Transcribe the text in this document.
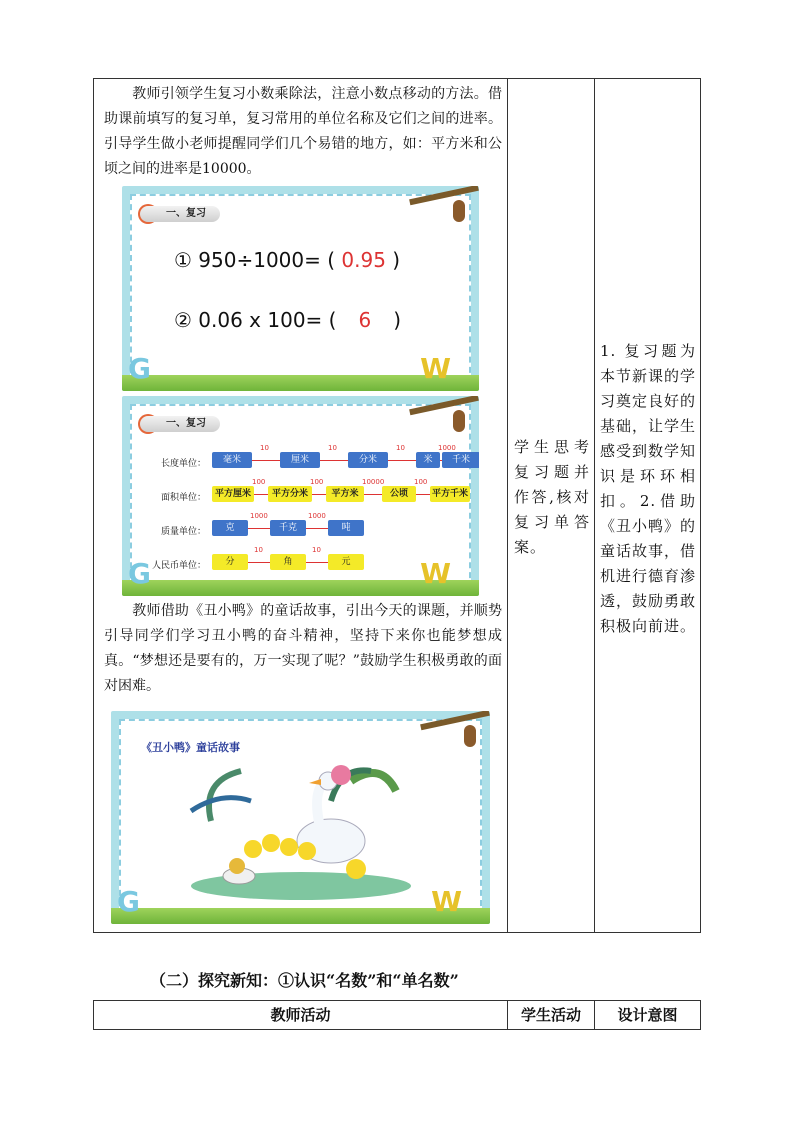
教师引领学生复习小数乘除法，注意小数点移动的方法。借助课前填写的复习单，复习常用的单位名称及它们之间的进率。引导学生做小老师提醒同学们几个易错的地方，如：平方米和公顷之间的进率是10000。

一、复习
G	W
① 950÷1000= ( 0.95 )
② 0.06 x 100= ( 6 )
一、复习
G	W
长度单位：	毫米
10
厘米
10
分米
10
米
1000
千米
面积单位： 平方厘米
100
平方分米
100
平方米
10000
公顷
100
平方千米
质量单位：	克
1000
千克
1000
吨
人民币单位：	分
10
角
10
元

教师借助《丑小鸭》的童话故事，引出今天的课题，并顺势引导同学们学习丑小鸭的奋斗精神，坚持下来你也能梦想成真。“梦想还是要有的，万一实现了呢？”鼓励学生积极勇敢的面对困难。

G	W
《丑小鸭》童话故事

学生思考复习题并作答,核对复习单答案。

1. 复习题为本节新课的学习奠定良好的基础，让学生感受到数学知识是环环相扣。2.借助《丑小鸭》的童话故事，借机进行德育渗透，鼓励勇敢积极向前进。

（二）探究新知：①认识“名数”和“单名数”
教师活动	学生活动	设计意图
